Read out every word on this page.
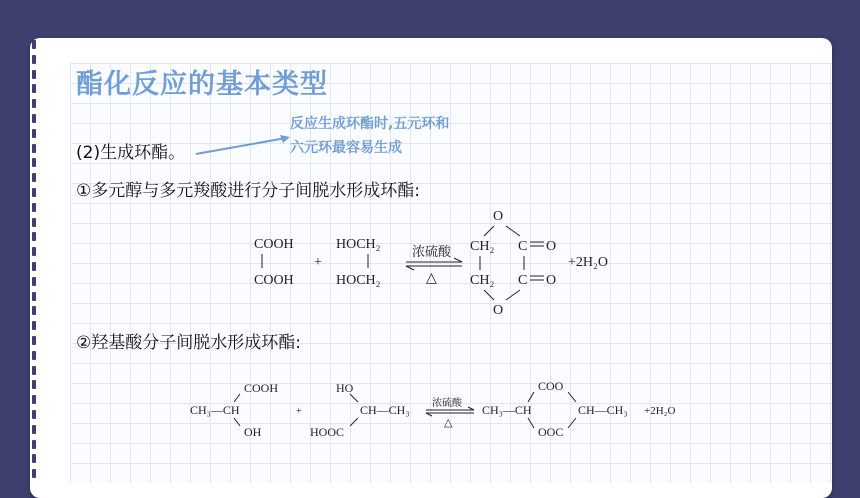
酯化反应的基本类型
(2)生成环酯。
反应生成环酯时,五元环和
六元环最容易生成
①多元醇与多元羧酸进行分子间脱水形成环酯:
COOH
COOH
+
HOCH₂
HOCH₂
浓硫酸
△
O
CH₂ C O
CH₂ C O
O
+2H₂O
②羟基酸分子间脱水形成环酯:
COOH
CH₃—CH
OH
+
HO
CH—CH₃
HOOC
浓硫酸
△
COO
CH₃—CH	CH—CH₃
OOC
+2H₂O
